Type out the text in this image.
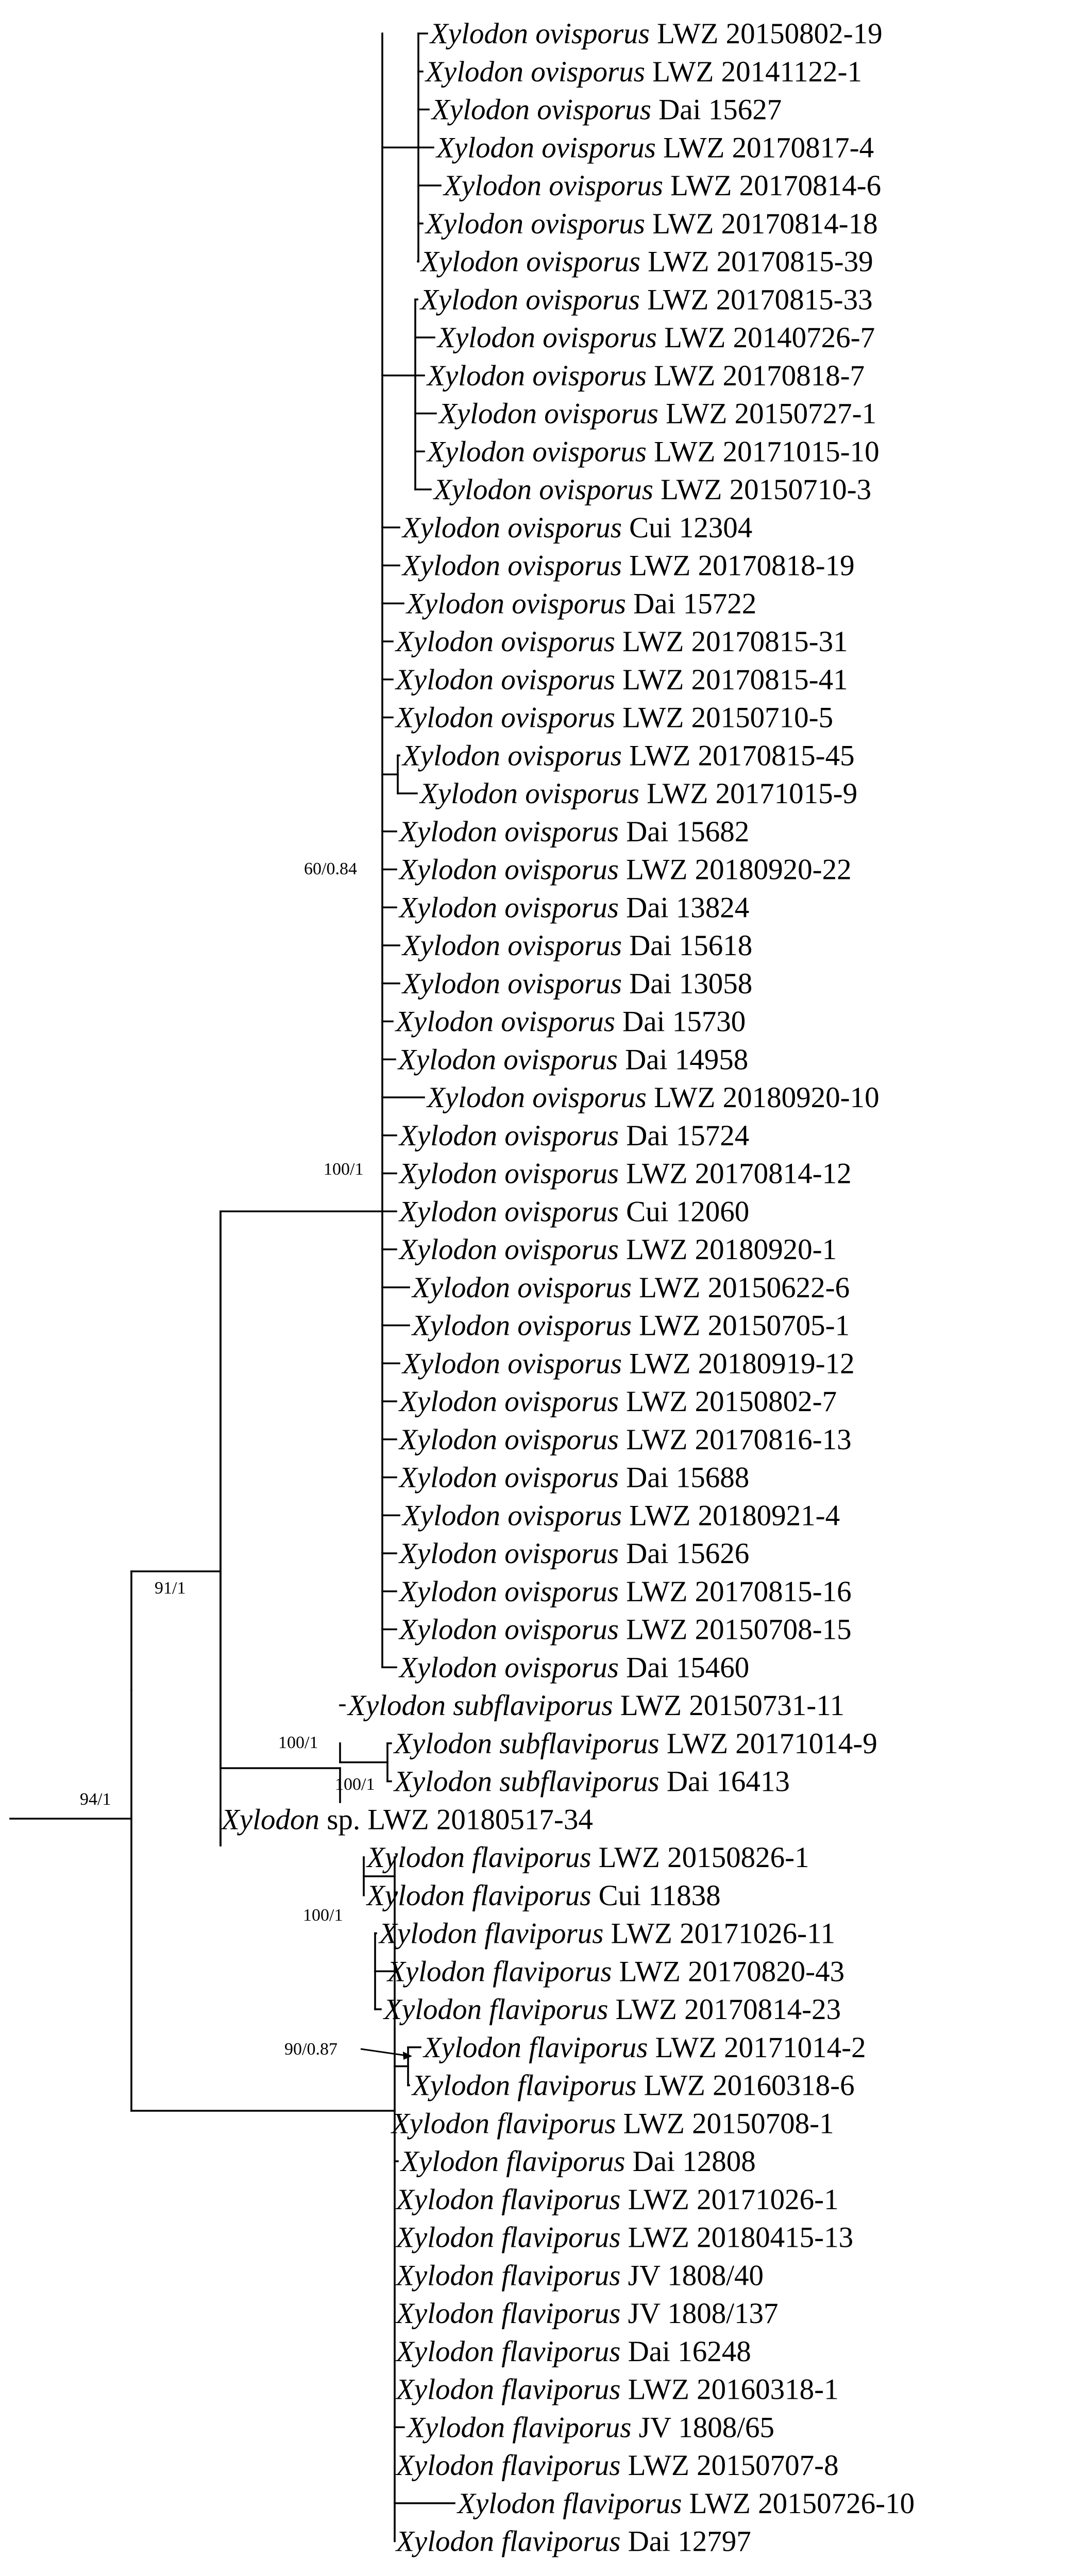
Xylodon ovisporus LWZ 20150802-19
Xylodon ovisporus LWZ 20141122-1
Xylodon ovisporus Dai 15627
Xylodon ovisporus LWZ 20170817-4
Xylodon ovisporus LWZ 20170814-6
Xylodon ovisporus LWZ 20170814-18
Xylodon ovisporus LWZ 20170815-39
Xylodon ovisporus LWZ 20170815-33
Xylodon ovisporus LWZ 20140726-7
Xylodon ovisporus LWZ 20170818-7
Xylodon ovisporus LWZ 20150727-1
Xylodon ovisporus LWZ 20171015-10
Xylodon ovisporus LWZ 20150710-3
Xylodon ovisporus Cui 12304
Xylodon ovisporus LWZ 20170818-19
Xylodon ovisporus Dai 15722
Xylodon ovisporus LWZ 20170815-31
Xylodon ovisporus LWZ 20170815-41
Xylodon ovisporus LWZ 20150710-5
Xylodon ovisporus LWZ 20170815-45
Xylodon ovisporus LWZ 20171015-9
Xylodon ovisporus Dai 15682
Xylodon ovisporus LWZ 20180920-22
Xylodon ovisporus Dai 13824
Xylodon ovisporus Dai 15618
Xylodon ovisporus Dai 13058
Xylodon ovisporus Dai 15730
Xylodon ovisporus Dai 14958
Xylodon ovisporus LWZ 20180920-10
Xylodon ovisporus Dai 15724
Xylodon ovisporus LWZ 20170814-12
Xylodon ovisporus Cui 12060
Xylodon ovisporus LWZ 20180920-1
Xylodon ovisporus LWZ 20150622-6
Xylodon ovisporus LWZ 20150705-1
Xylodon ovisporus LWZ 20180919-12
Xylodon ovisporus LWZ 20150802-7
Xylodon ovisporus LWZ 20170816-13
Xylodon ovisporus Dai 15688
Xylodon ovisporus LWZ 20180921-4
Xylodon ovisporus Dai 15626
Xylodon ovisporus LWZ 20170815-16
Xylodon ovisporus LWZ 20150708-15
Xylodon ovisporus Dai 15460
Xylodon subflaviporus LWZ 20150731-11
Xylodon subflaviporus LWZ 20171014-9
Xylodon subflaviporus Dai 16413
Xylodon sp. LWZ 20180517-34
Xylodon flaviporus LWZ 20150826-1
Xylodon flaviporus Cui 11838
Xylodon flaviporus LWZ 20171026-11
Xylodon flaviporus LWZ 20170820-43
Xylodon flaviporus LWZ 20170814-23
Xylodon flaviporus LWZ 20171014-2
Xylodon flaviporus LWZ 20160318-6
Xylodon flaviporus LWZ 20150708-1
Xylodon flaviporus Dai 12808
Xylodon flaviporus LWZ 20171026-1
Xylodon flaviporus LWZ 20180415-13
Xylodon flaviporus JV 1808/40
Xylodon flaviporus JV 1808/137
Xylodon flaviporus Dai 16248
Xylodon flaviporus LWZ 20160318-1
Xylodon flaviporus JV 1808/65
Xylodon flaviporus LWZ 20150707-8
Xylodon flaviporus LWZ 20150726-10
Xylodon flaviporus Dai 12797
94/1
91/1
100/1
60/0.84
100/1
100/1
100/1
90/0.87
